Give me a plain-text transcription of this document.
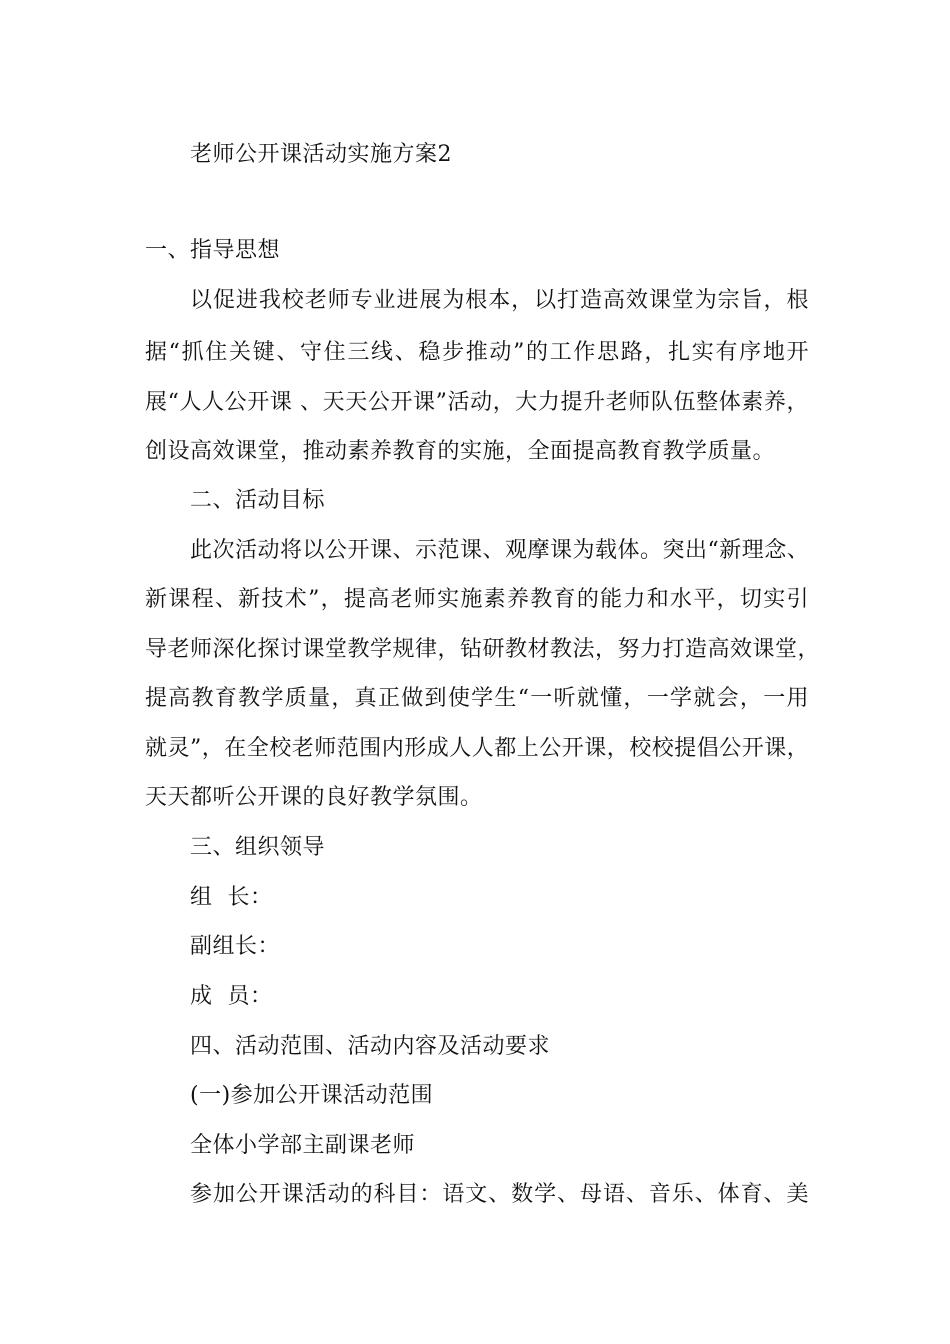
老师公开课活动实施方案2
一、指导思想
以促进我校老师专业进展为根本，以打造高效课堂为宗旨，根
据“抓住关键、守住三线、稳步推动”的工作思路，扎实有序地开
展“人人公开课 、天天公开课”活动，大力提升老师队伍整体素养，
创设高效课堂，推动素养教育的实施，全面提高教育教学质量。
二、活动目标
此次活动将以公开课、示范课、观摩课为载体。突出“新理念、
新课程、新技术”，提高老师实施素养教育的能力和水平，切实引
导老师深化探讨课堂教学规律，钻研教材教法，努力打造高效课堂，
提高教育教学质量，真正做到使学生“一听就懂，一学就会，一用
就灵”，在全校老师范围内形成人人都上公开课，校校提倡公开课，
天天都听公开课的良好教学氛围。
三、组织领导
组  长：
副组长：
成  员：
四、活动范围、活动内容及活动要求
(一)参加公开课活动范围
全体小学部主副课老师
参加公开课活动的科目：语文、数学、母语、音乐、体育、美
